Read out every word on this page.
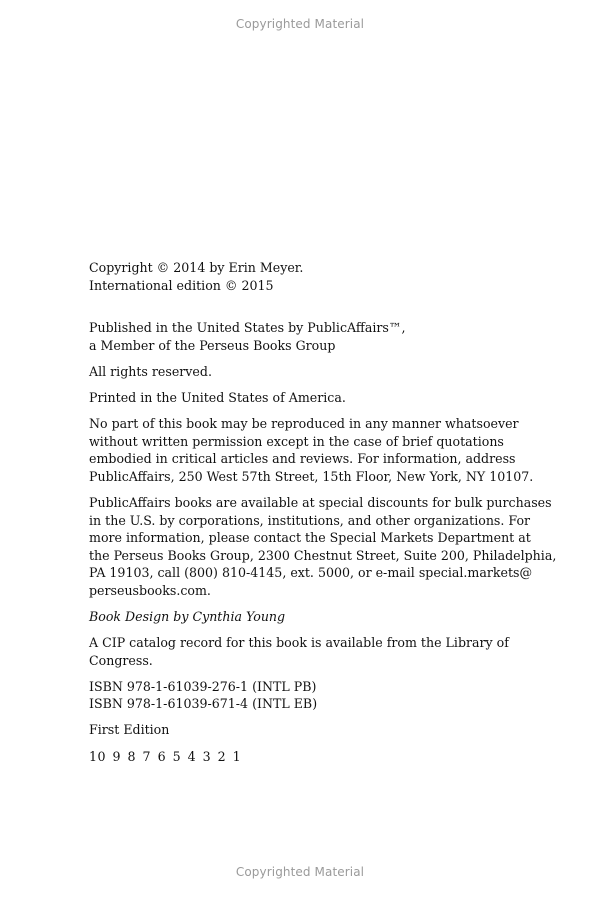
Copyrighted Material

Copyright © 2014 by Erin Meyer.
International edition © 2015

Published in the United States by PublicAffairs™,
a Member of the Perseus Books Group

All rights reserved.

Printed in the United States of America.

No part of this book may be reproduced in any manner whatsoever
without written permission except in the case of brief quotations
embodied in critical articles and reviews. For information, address
PublicAffairs, 250 West 57th Street, 15th Floor, New York, NY 10107.

PublicAffairs books are available at special discounts for bulk purchases
in the U.S. by corporations, institutions, and other organizations. For
more information, please contact the Special Markets Department at
the Perseus Books Group, 2300 Chestnut Street, Suite 200, Philadelphia,
PA 19103, call (800) 810-4145, ext. 5000, or e-mail special.markets@
perseusbooks.com.

Book Design by Cynthia Young

A CIP catalog record for this book is available from the Library of
Congress.

ISBN 978-1-61039-276-1 (INTL PB)
ISBN 978-1-61039-671-4 (INTL EB)

First Edition

10 9 8 7 6 5 4 3 2 1

Copyrighted Material
